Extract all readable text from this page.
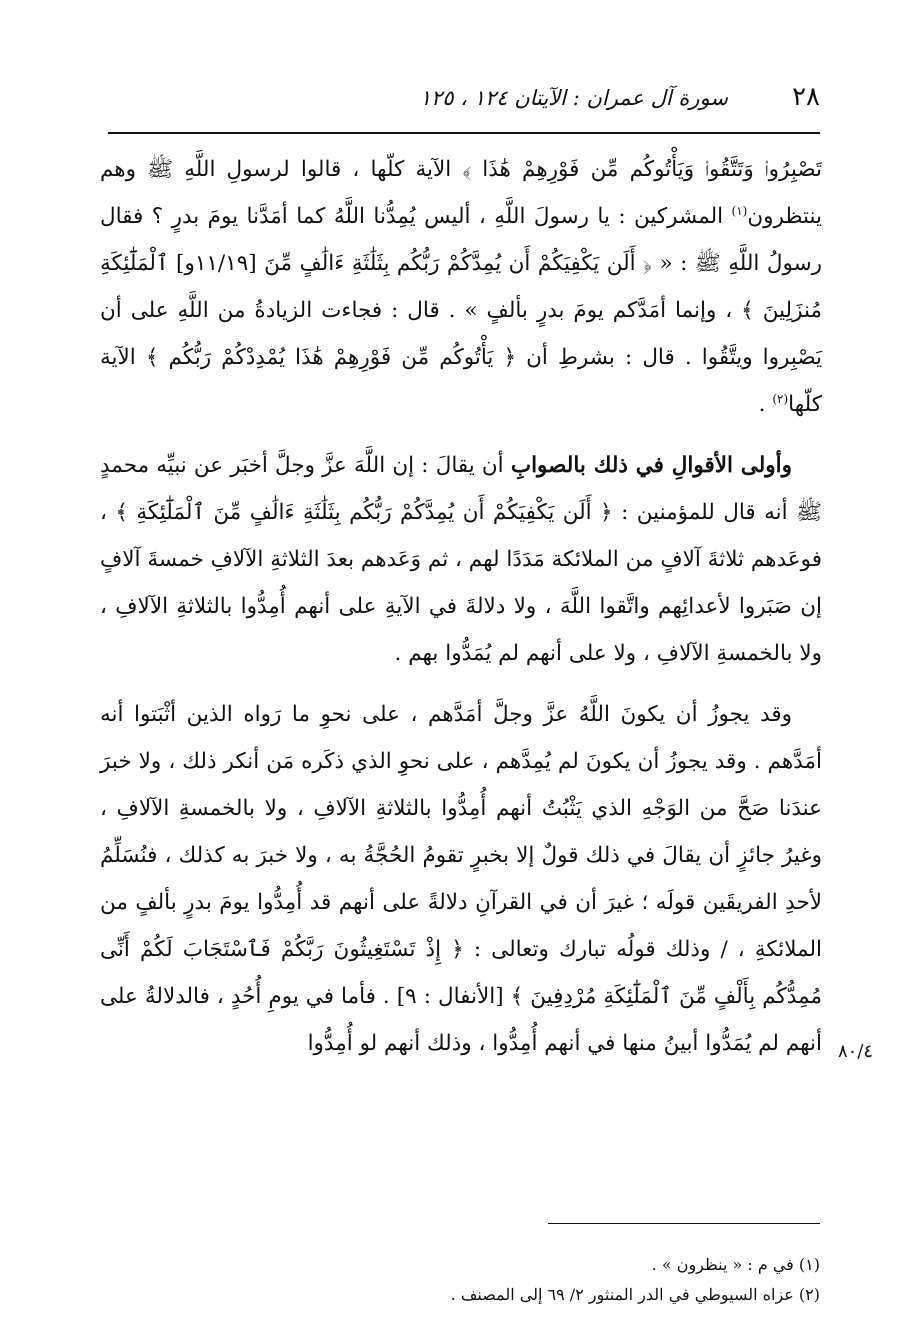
٢٨
سورة آل عمران : الآيتان ١٢٤ ، ١٢٥

تَصْبِرُوا۟ وَتَتَّقُوا۟ وَيَأْتُوكُم مِّن فَوْرِهِمْ هَٰذَا ﴾ الآية كلّها ، قالوا لرسولِ اللَّهِ ﷺ وهم ينتظرون$^{(١)}$ المشركين : يا رسولَ اللَّهِ ، أليس يُمِدُّنا اللَّهُ كما أمَدَّنا يومَ بدرٍ ؟ فقال رسولُ اللَّهِ ﷺ : « ﴿ أَلَن يَكْفِيَكُمْ أَن يُمِدَّكُمْ رَبُّكُم بِثَلَٰثَةِ ءَالَٰفٍ مِّنَ [١١/١٩و] ٱلْمَلَٰٓئِكَةِ مُنزَلِينَ ﴾ ، وإنما أمَدَّكم يومَ بدرٍ بألفٍ » . قال : فجاءت الزيادةُ من اللَّهِ على أن يَصْبِروا ويتَّقُوا . قال : بشرطِ أن ﴿ يَأْتُوكُم مِّن فَوْرِهِمْ هَٰذَا يُمْدِدْكُمْ رَبُّكُم ﴾ الآية كلّها$^{(٢)}$ .

وأولى الأقوالِ في ذلك بالصوابِ أن يقالَ : إن اللَّهَ عزَّ وجلَّ أخبَر عن نبيِّه محمدٍ ﷺ أنه قال للمؤمنين : ﴿ أَلَن يَكْفِيَكُمْ أَن يُمِدَّكُمْ رَبُّكُم بِثَلَٰثَةِ ءَالَٰفٍ مِّنَ ٱلْمَلَٰٓئِكَةِ ﴾ ، فوعَدهم ثلاثةَ آلافٍ من الملائكة مَدَدًا لهم ، ثم وَعَدهم بعدَ الثلاثةِ الآلافِ خمسةَ آلافٍ إن صَبَروا لأعدائِهم واتَّقوا اللَّهَ ، ولا دلالةَ في الآيةِ على أنهم أُمِدُّوا بالثلاثةِ الآلافِ ، ولا بالخمسةِ الآلافِ ، ولا على أنهم لم يُمَدُّوا بهم .

وقد يجوزُ أن يكونَ اللَّهُ عزَّ وجلَّ أمَدَّهم ، على نحوِ ما رَواه الذين أثْبَتوا أنه أمَدَّهم . وقد يجوزُ أن يكونَ لم يُمِدَّهم ، على نحوِ الذي ذكَره مَن أنكر ذلك ، ولا خبرَ عندَنا صَحَّ من الوَجْهِ الذي يَثْبُتُ أنهم أُمِدُّوا بالثلاثةِ الآلافِ ، ولا بالخمسةِ الآلافِ ، وغيرُ جائزٍ أن يقالَ في ذلك قولٌ إلا بخبرٍ تقومُ الحُجَّةُ به ، ولا خبرَ به كذلك ، فنُسَلِّمُ لأحدِ الفريقَين قولَه ؛ غيرَ أن في القرآنِ دلالةً على أنهم قد أُمِدُّوا يومَ بدرٍ بألفٍ من الملائكةِ ، / وذلك قولُه تبارك وتعالى : ﴿ إِذْ تَسْتَغِيثُونَ رَبَّكُمْ فَٱسْتَجَابَ لَكُمْ أَنِّى مُمِدُّكُم بِأَلْفٍ مِّنَ ٱلْمَلَٰٓئِكَةِ مُرْدِفِينَ ﴾ [الأنفال : ٩] . فأما في يومِ أُحُدٍ ، فالدلالةُ على أنهم لم يُمَدُّوا أبينُ منها في أنهم أُمِدُّوا ، وذلك أنهم لو أُمِدُّوا ٨٠/٤

(١) في م : « ينظرون » .

(٢) عزاه السيوطي في الدر المنثور ٢/ ٦٩ إلى المصنف .
